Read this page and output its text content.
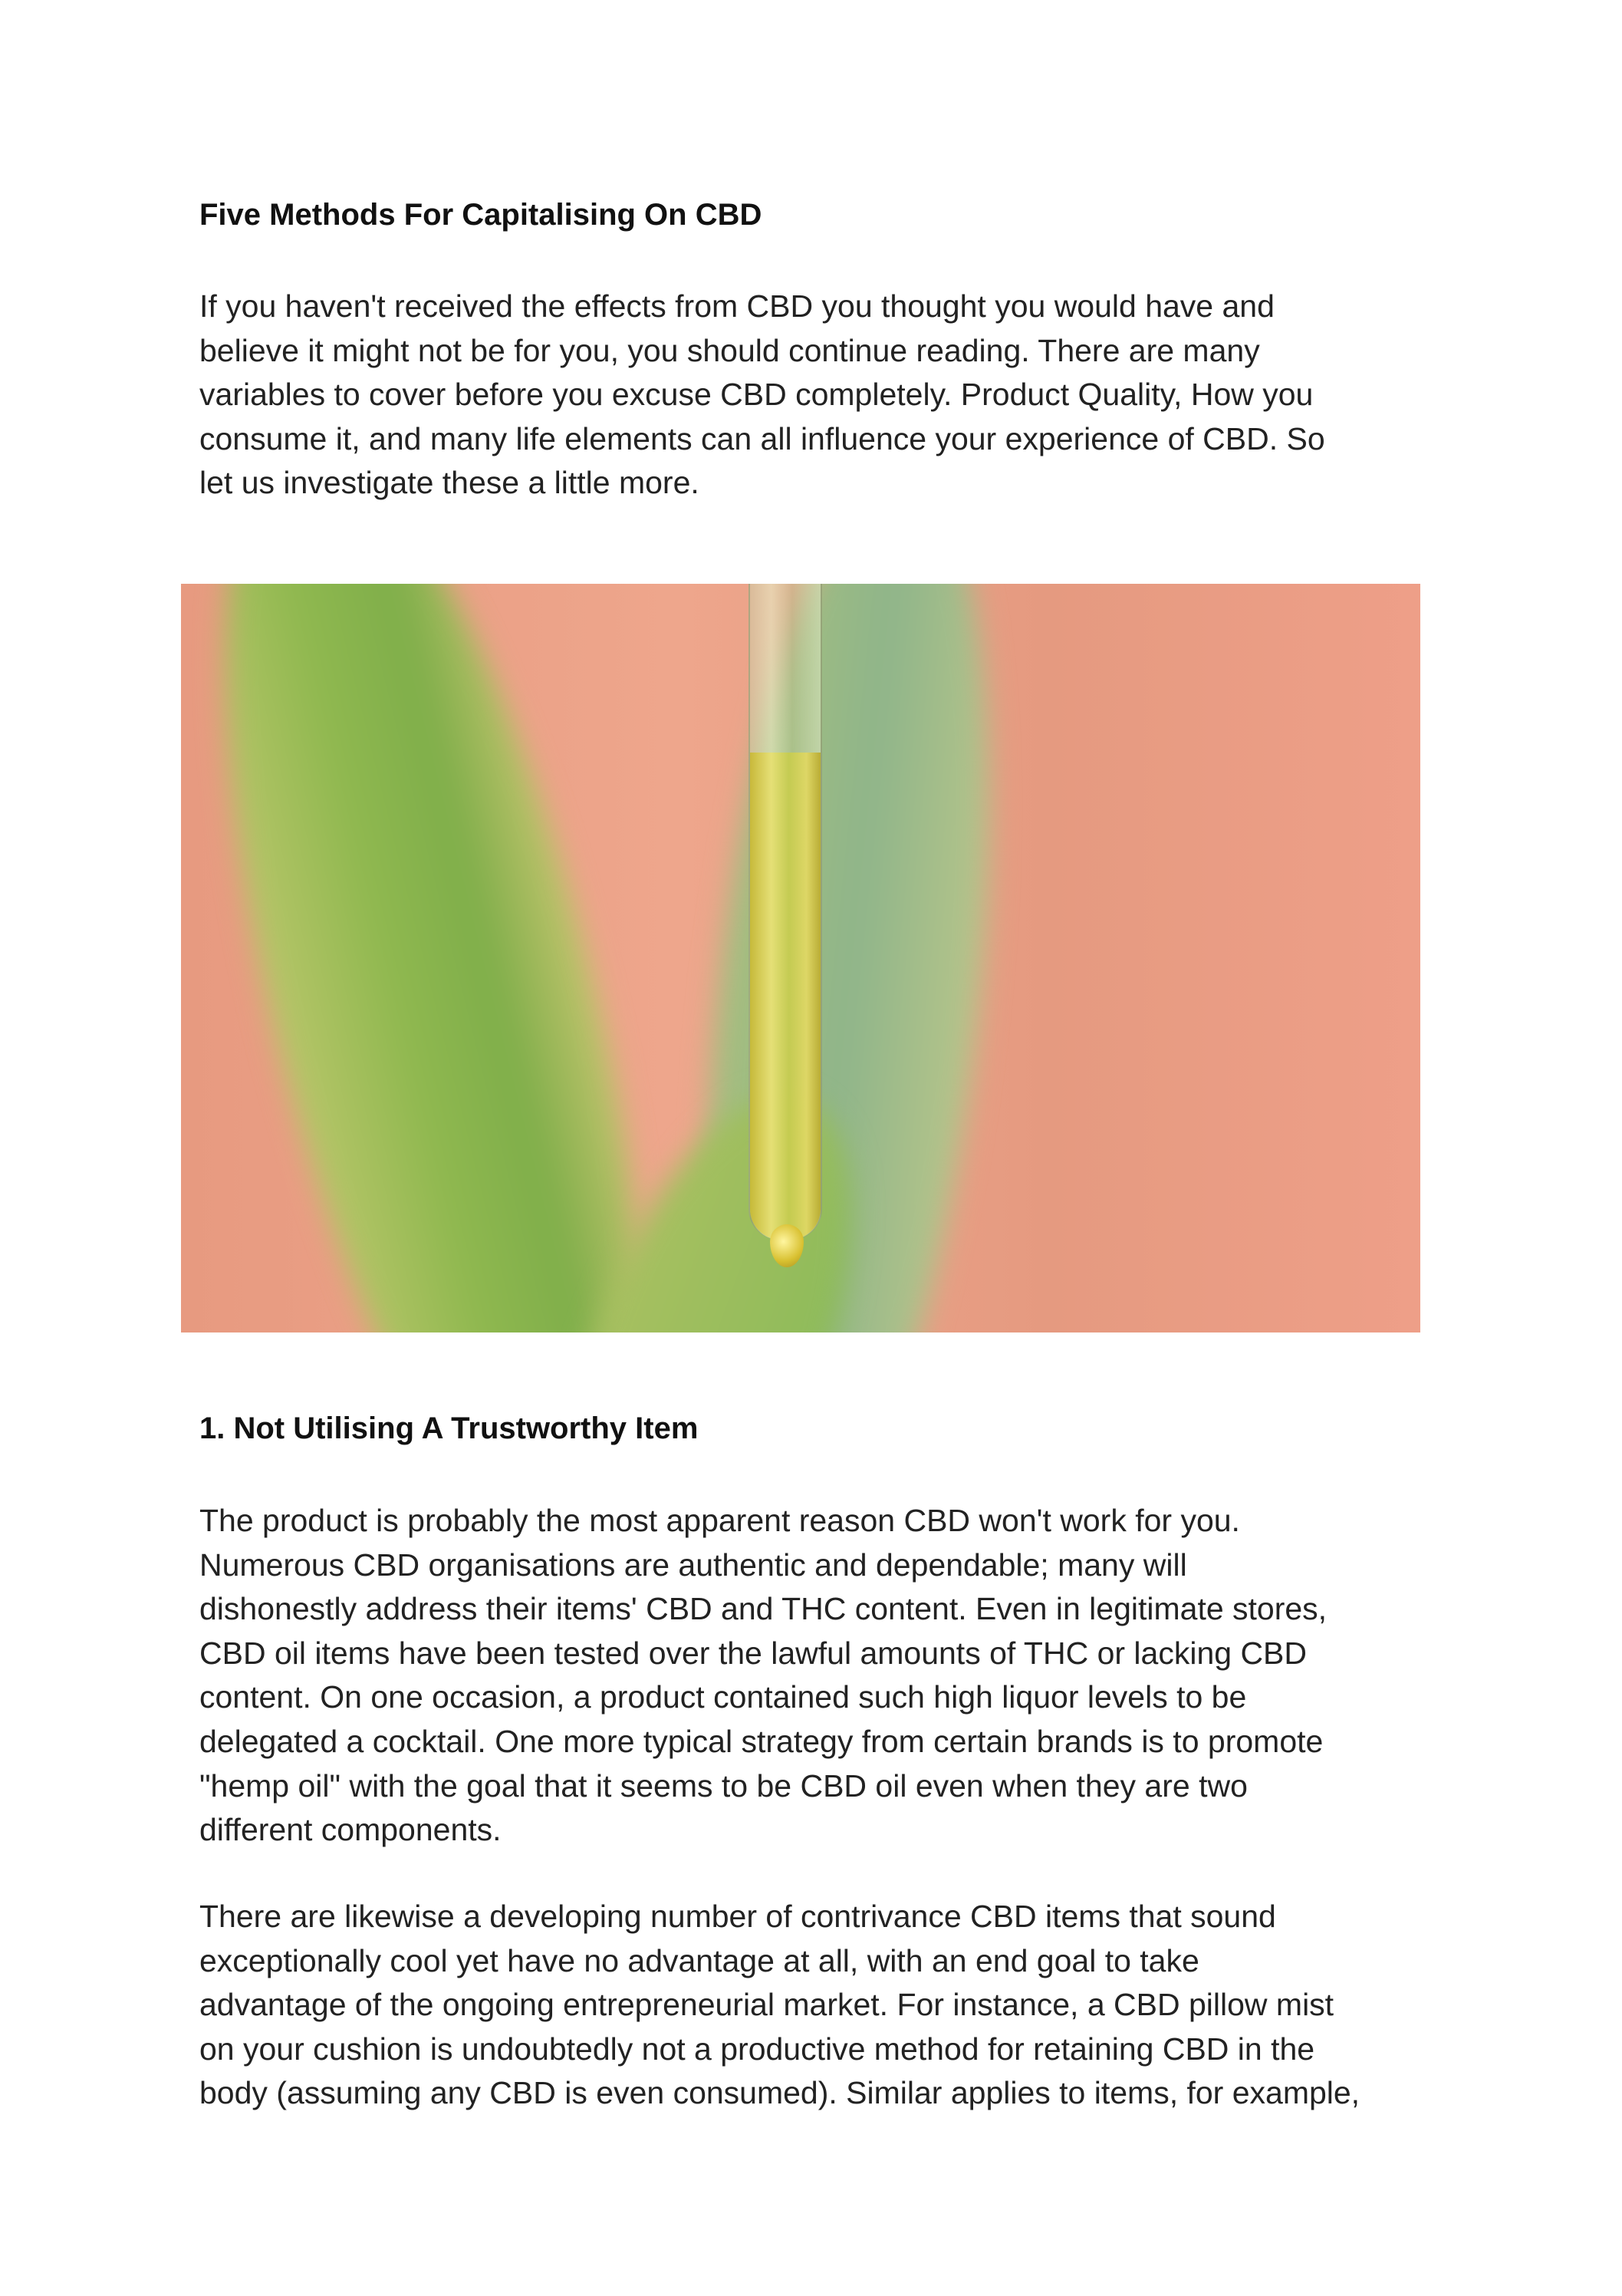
Five Methods For Capitalising On CBD
If you haven't received the effects from CBD you thought you would have and
believe it might not be for you, you should continue reading. There are many
variables to cover before you excuse CBD completely. Product Quality, How you
consume it, and many life elements can all influence your experience of CBD. So
let us investigate these a little more.
1. Not Utilising A Trustworthy Item
The product is probably the most apparent reason CBD won't work for you.
Numerous CBD organisations are authentic and dependable; many will
dishonestly address their items' CBD and THC content. Even in legitimate stores,
CBD oil items have been tested over the lawful amounts of THC or lacking CBD
content. On one occasion, a product contained such high liquor levels to be
delegated a cocktail. One more typical strategy from certain brands is to promote
"hemp oil" with the goal that it seems to be CBD oil even when they are two
different components.
There are likewise a developing number of contrivance CBD items that sound
exceptionally cool yet have no advantage at all, with an end goal to take
advantage of the ongoing entrepreneurial market. For instance, a CBD pillow mist
on your cushion is undoubtedly not a productive method for retaining CBD in the
body (assuming any CBD is even consumed). Similar applies to items, for example,
